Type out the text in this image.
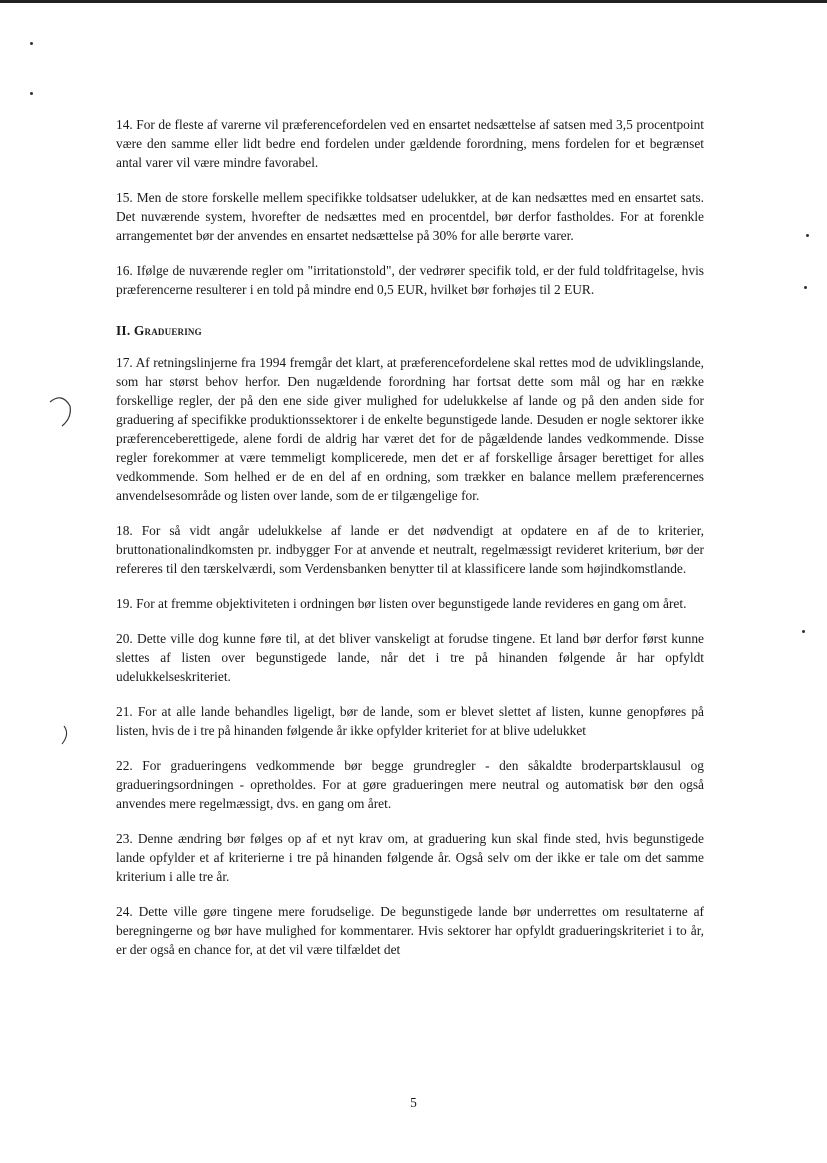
14. For de fleste af varerne vil præferencefordelen ved en ensartet nedsættelse af satsen med 3,5 procentpoint være den samme eller lidt bedre end fordelen under gældende forordning, mens fordelen for et begrænset antal varer vil være mindre favorabel.

15. Men de store forskelle mellem specifikke toldsatser udelukker, at de kan nedsættes med en ensartet sats. Det nuværende system, hvorefter de nedsættes med en procentdel, bør derfor fastholdes. For at forenkle arrangementet bør der anvendes en ensartet nedsættelse på 30% for alle berørte varer.

16. Ifølge de nuværende regler om "irritationstold", der vedrører specifik told, er der fuld toldfritagelse, hvis præferencerne resulterer i en told på mindre end 0,5 EUR, hvilket bør forhøjes til 2 EUR.

II. Graduering

17. Af retningslinjerne fra 1994 fremgår det klart, at præferencefordelene skal rettes mod de udviklingslande, som har størst behov herfor. Den nugældende forordning har fortsat dette som mål og har en række forskellige regler, der på den ene side giver mulighed for udelukkelse af lande og på den anden side for graduering af specifikke produktionssektorer i de enkelte begunstigede lande. Desuden er nogle sektorer ikke præferenceberettigede, alene fordi de aldrig har været det for de pågældende landes vedkommende. Disse regler forekommer at være temmeligt komplicerede, men det er af forskellige årsager berettiget for alles vedkommende. Som helhed er de en del af en ordning, som trækker en balance mellem præferencernes anvendelsesområde og listen over lande, som de er tilgængelige for.

18. For så vidt angår udelukkelse af lande er det nødvendigt at opdatere en af de to kriterier, bruttonationalindkomsten pr. indbygger For at anvende et neutralt, regelmæssigt revideret kriterium, bør der refereres til den tærskelværdi, som Verdensbanken benytter til at klassificere lande som højindkomstlande.

19. For at fremme objektiviteten i ordningen bør listen over begunstigede lande revideres en gang om året.

20. Dette ville dog kunne føre til, at det bliver vanskeligt at forudse tingene. Et land bør derfor først kunne slettes af listen over begunstigede lande, når det i tre på hinanden følgende år har opfyldt udelukkelseskriteriet.

21. For at alle lande behandles ligeligt, bør de lande, som er blevet slettet af listen, kunne genopføres på listen, hvis de i tre på hinanden følgende år ikke opfylder kriteriet for at blive udelukket

22. For gradueringens vedkommende bør begge grundregler - den såkaldte broderpartsklausul og gradueringsordningen - opretholdes. For at gøre gradueringen mere neutral og automatisk bør den også anvendes mere regelmæssigt, dvs. en gang om året.

23. Denne ændring bør følges op af et nyt krav om, at graduering kun skal finde sted, hvis begunstigede lande opfylder et af kriterierne i tre på hinanden følgende år. Også selv om der ikke er tale om det samme kriterium i alle tre år.

24. Dette ville gøre tingene mere forudselige. De begunstigede lande bør underrettes om resultaterne af beregningerne og bør have mulighed for kommentarer. Hvis sektorer har opfyldt gradueringskriteriet i to år, er der også en chance for, at det vil være tilfældet det

5
